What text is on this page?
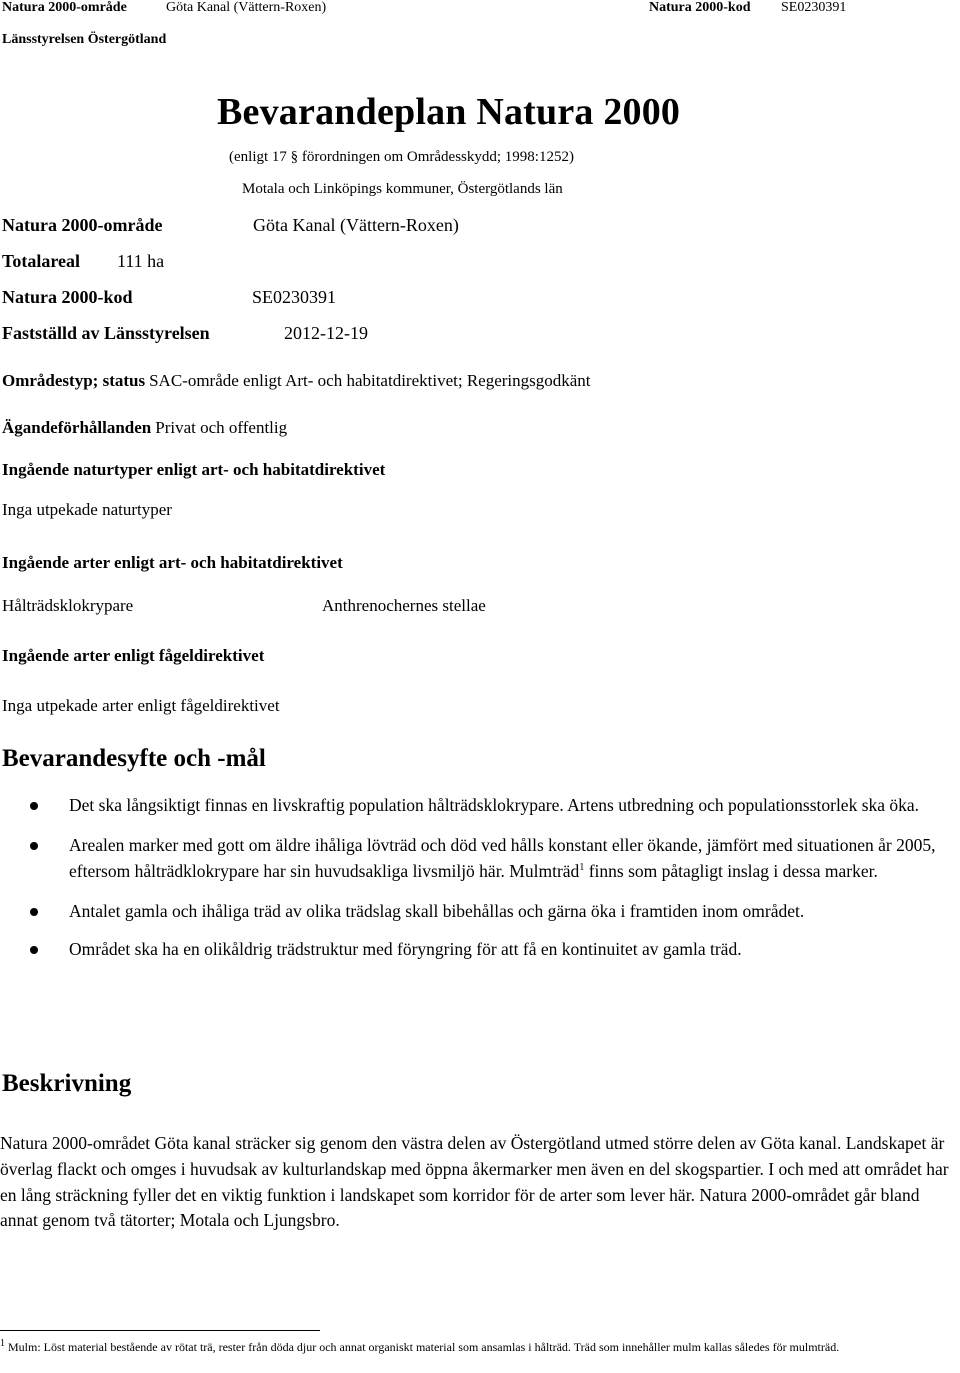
Natura 2000-område	Göta Kanal (Vättern-Roxen)	Natura 2000-kod SE0230391
Länsstyrelsen Östergötland
Bevarandeplan Natura 2000
(enligt 17 § förordningen om Områdesskydd; 1998:1252)
Motala och Linköpings kommuner, Östergötlands län
Natura 2000-område	Göta Kanal (Vättern-Roxen)
Totalareal 111 ha
Natura 2000-kod	SE0230391
Fastställd av Länsstyrelsen	2012-12-19
Områdestyp; status SAC-område enligt Art- och habitatdirektivet; Regeringsgodkänt
Ägandeförhållanden Privat och offentlig
Ingående naturtyper enligt art- och habitatdirektivet
Inga utpekade naturtyper
Ingående arter enligt art- och habitatdirektivet
Hålträdsklokrypare	Anthrenochernes stellae
Ingående arter enligt fågeldirektivet
Inga utpekade arter enligt fågeldirektivet
Bevarandesyfte och -mål
Det ska långsiktigt finnas en livskraftig population hålträdsklokrypare. Artens utbredning och populationsstorlek ska öka.
Arealen marker med gott om äldre ihåliga lövträd och död ved hålls konstant eller ökande, jämfört med situationen år 2005, eftersom hålträdklokrypare har sin huvudsakliga livsmiljö här. Mulmträd$^1$ finns som påtagligt inslag i dessa marker.
Antalet gamla och ihåliga träd av olika trädslag skall bibehållas och gärna öka i framtiden inom området.
Området ska ha en olikåldrig trädstruktur med föryngring för att få en kontinuitet av gamla träd.
Beskrivning

Natura 2000-området Göta kanal sträcker sig genom den västra delen av Östergötland utmed större delen av Göta kanal. Landskapet är överlag flackt och omges i huvudsak av kulturlandskap med öppna åkermarker men även en del skogspartier. I och med att området har en lång sträckning fyller det en viktig funktion i landskapet som korridor för de arter som lever här. Natura 2000-området går bland annat genom två tätorter; Motala och Ljungsbro.

$^1$ Mulm: Löst material bestående av rötat trä, rester från döda djur och annat organiskt material som ansamlas i hålträd. Träd som innehåller mulm kallas således för mulmträd.
